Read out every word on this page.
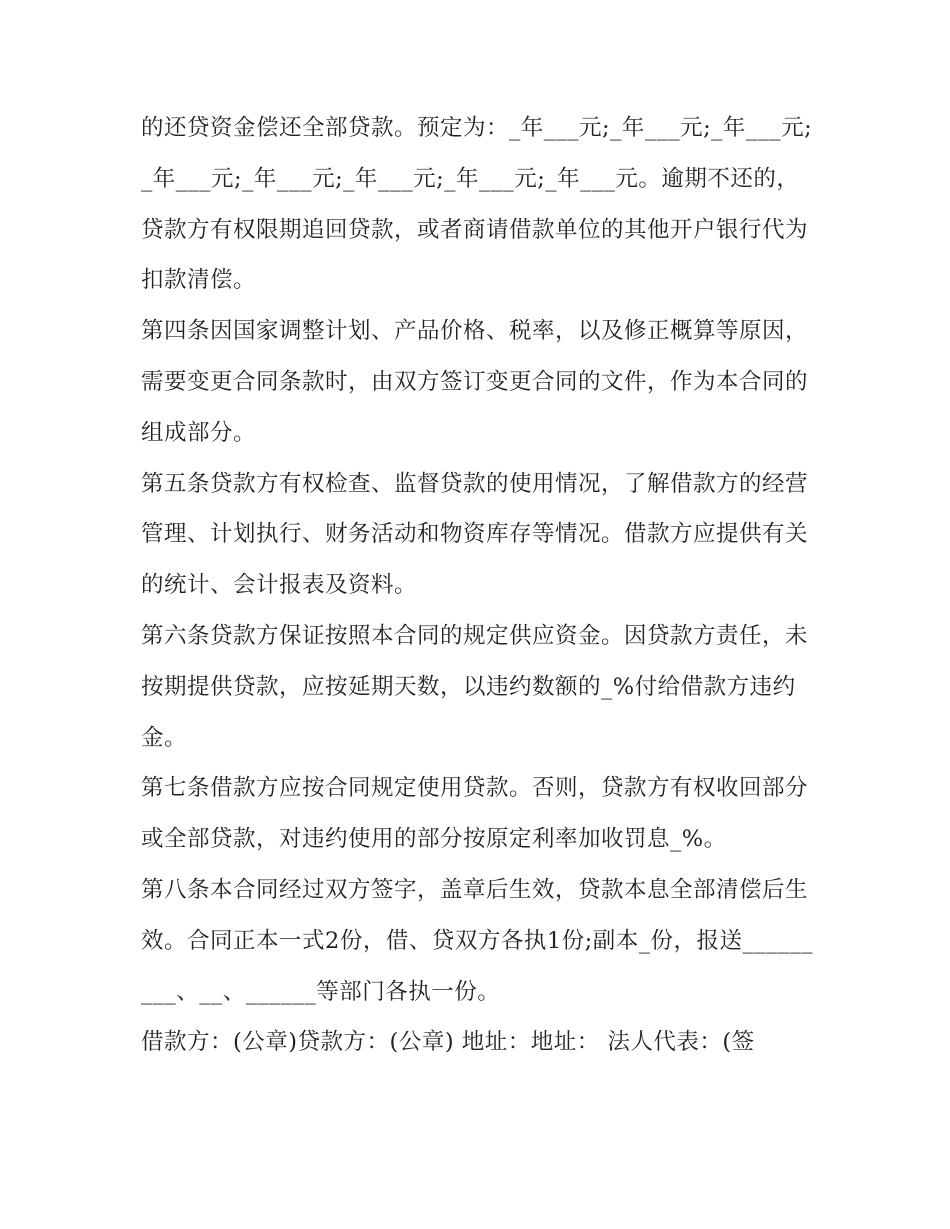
的还贷资金偿还全部贷款。预定为：_年___元;_年___元;_年___元;_年___元;_年___元;_年___元;_年___元;_年___元。逾期不还的，贷款方有权限期追回贷款，或者商请借款单位的其他开户银行代为扣款清偿。

第四条因国家调整计划、产品价格、税率，以及修正概算等原因，需要变更合同条款时，由双方签订变更合同的文件，作为本合同的组成部分。

第五条贷款方有权检查、监督贷款的使用情况，了解借款方的经营管理、计划执行、财务活动和物资库存等情况。借款方应提供有关的统计、会计报表及资料。

第六条贷款方保证按照本合同的规定供应资金。因贷款方责任，未按期提供贷款，应按延期天数，以违约数额的_%付给借款方违约金。

第七条借款方应按合同规定使用贷款。否则，贷款方有权收回部分或全部贷款，对违约使用的部分按原定利率加收罚息_%。

第八条本合同经过双方签字，盖章后生效，贷款本息全部清偿后生效。合同正本一式2份，借、贷双方各执1份;副本_份，报送_________、__、______等部门各执一份。

借款方：(公章)贷款方：(公章) 地址：地址： 法人代表：(签
